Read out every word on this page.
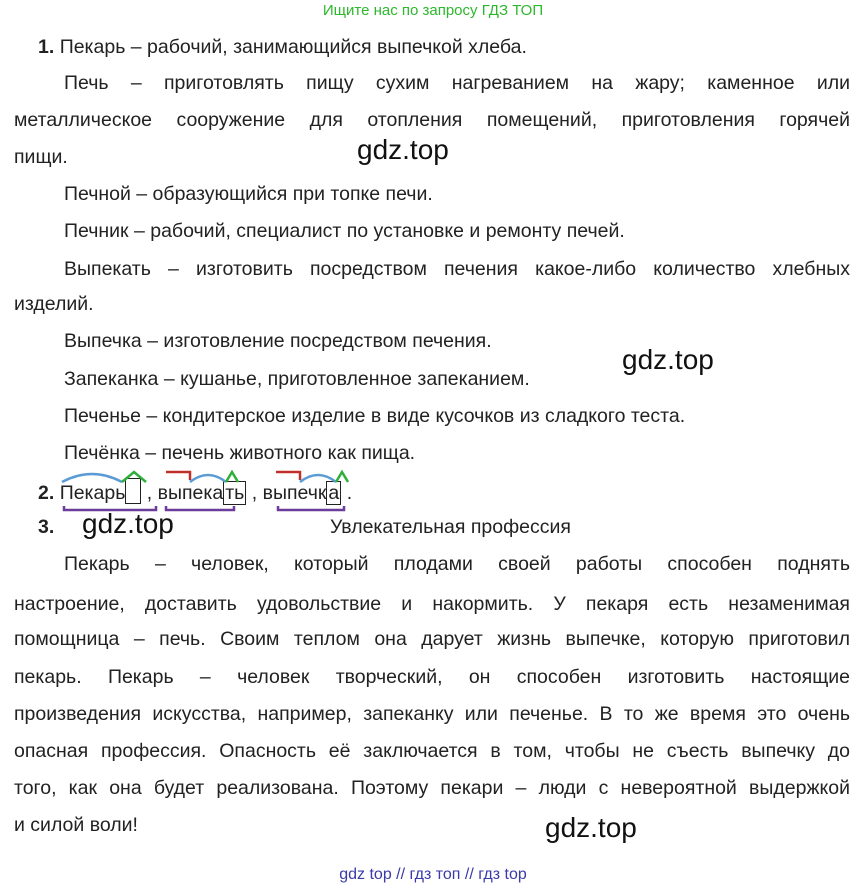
Ищите нас по запросу ГДЗ ТОП
1. Пекарь – рабочий, занимающийся выпечкой хлеба.
Печь – приготовлять пищу сухим нагреванием на жару; каменное или
металлическое сооружение для отопления помещений, приготовления горячей
пищи.
Печной – образующийся при топке печи.
Печник – рабочий, специалист по установке и ремонту печей.
Выпекать – изготовить посредством печения какое-либо количество хлебных
изделий.
Выпечка – изготовление посредством печения.
Запеканка – кушанье, приготовленное запеканием.
Печенье – кондитерское изделие в виде кусочков из сладкого теста.
Печёнка – печень животного как пища.
2. Пекарь , выпека ть , выпечк а .
3.	Увлекательная профессия
Пекарь – человек, который плодами своей работы способен поднять
настроение, доставить удовольствие и накормить. У пекаря есть незаменимая
помощница – печь. Своим теплом она дарует жизнь выпечке, которую приготовил
пекарь. Пекарь – человек творческий, он способен изготовить настоящие
произведения искусства, например, запеканку или печенье. В то же время это очень
опасная профессия. Опасность её заключается в том, чтобы не съесть выпечку до
того, как она будет реализована. Поэтому пекари – люди с невероятной выдержкой
и силой воли!
gdz.top
gdz.top
gdz.top
gdz.top
gdz top // гдз топ // гдз top
